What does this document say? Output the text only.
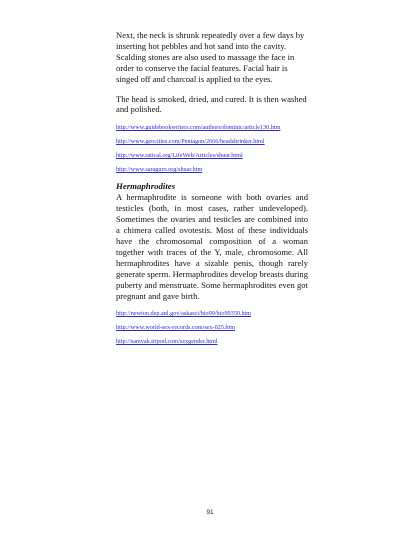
Next, the neck is shrunk repeatedly over a few days by inserting hot pebbles and hot sand into the cavity. Scalding stones are also used to massage the face in order to conserve the facial features. Facial hair is singed off and charcoal is applied to the eyes.

The head is smoked, dried, and cured. It is then washed and polished.

http://www.guidebookwriters.com/authors/dominic/article130.htm
http://www.geocities.com/Pentagon/2666/headshrinker.html
http://www.ratical.org/LifeWeb/Articles/shuar.html
http://www.saraguro.org/shuar.htm

Hermaphrodites

A hermaphrodite is someone with both ovaries and testicles (both, in most cases, rather undeveloped). Sometimes the ovaries and testicles are combined into a chimera called ovotestis. Most of these individuals have the chromosomal composition of a woman together with traces of the Y, male, chromosome. All hermaphrodites have a sizable penis, though rarely generate sperm. Hermaphrodites develop breasts during puberty and menstruate. Some hermaphrodites even got pregnant and gave birth.

http://newton.dep.anl.gov/askasci/bio99/bio99350.htm
http://www.world-sex-records.com/sex-025.htm
http://samvak.tripod.com/sexgender.html
91
